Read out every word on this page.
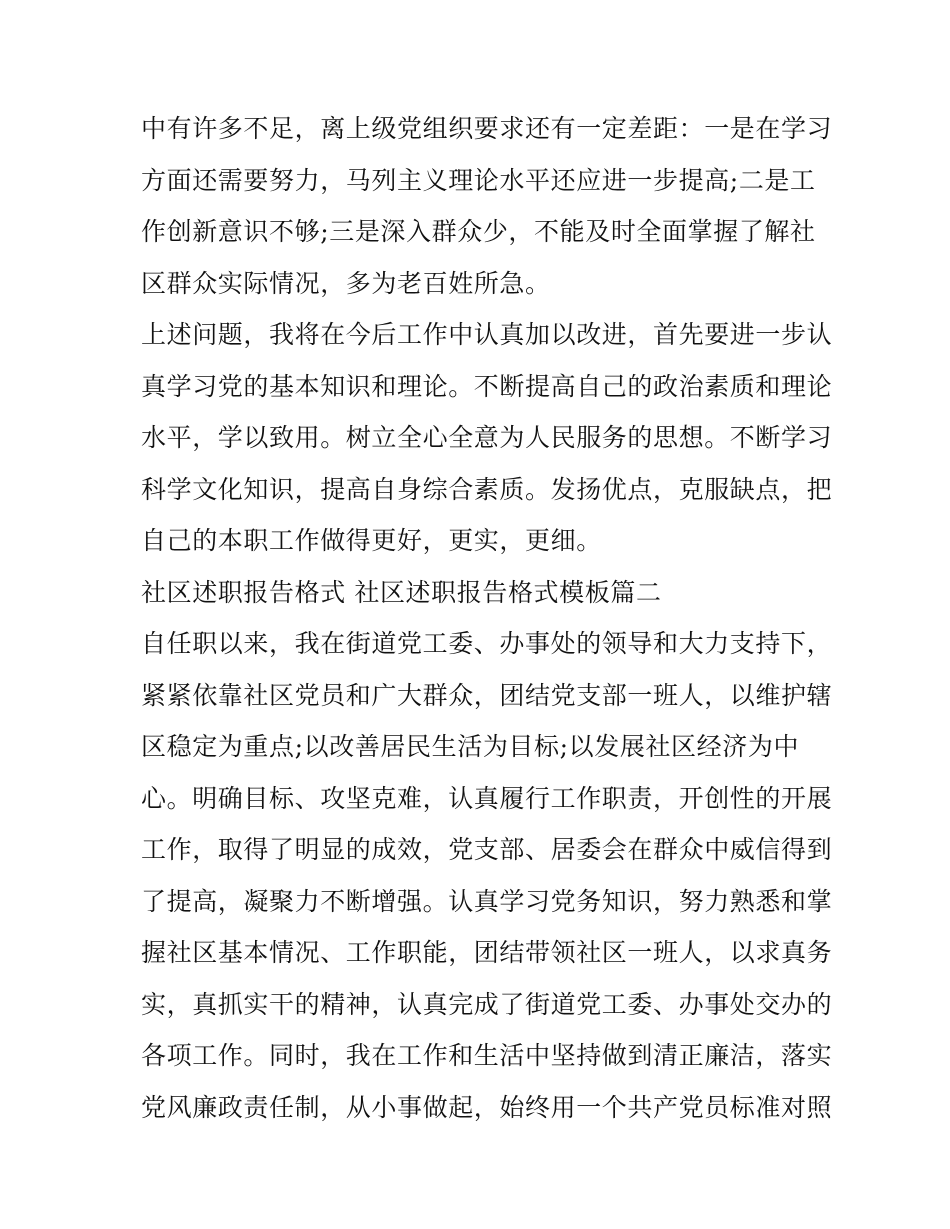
中有许多不足，离上级党组织要求还有一定差距：一是在学习
方面还需要努力，马列主义理论水平还应进一步提高;二是工
作创新意识不够;三是深入群众少，不能及时全面掌握了解社
区群众实际情况，多为老百姓所急。
上述问题，我将在今后工作中认真加以改进，首先要进一步认
真学习党的基本知识和理论。不断提高自己的政治素质和理论
水平，学以致用。树立全心全意为人民服务的思想。不断学习
科学文化知识，提高自身综合素质。发扬优点，克服缺点，把
自己的本职工作做得更好，更实，更细。
社区述职报告格式 社区述职报告格式模板篇二
自任职以来，我在街道党工委、办事处的领导和大力支持下，
紧紧依靠社区党员和广大群众，团结党支部一班人，以维护辖
区稳定为重点;以改善居民生活为目标;以发展社区经济为中
心。明确目标、攻坚克难，认真履行工作职责，开创性的开展
工作，取得了明显的成效，党支部、居委会在群众中威信得到
了提高，凝聚力不断增强。认真学习党务知识，努力熟悉和掌
握社区基本情况、工作职能，团结带领社区一班人，以求真务
实，真抓实干的精神，认真完成了街道党工委、办事处交办的
各项工作。同时，我在工作和生活中坚持做到清正廉洁，落实
党风廉政责任制，从小事做起，始终用一个共产党员标准对照
